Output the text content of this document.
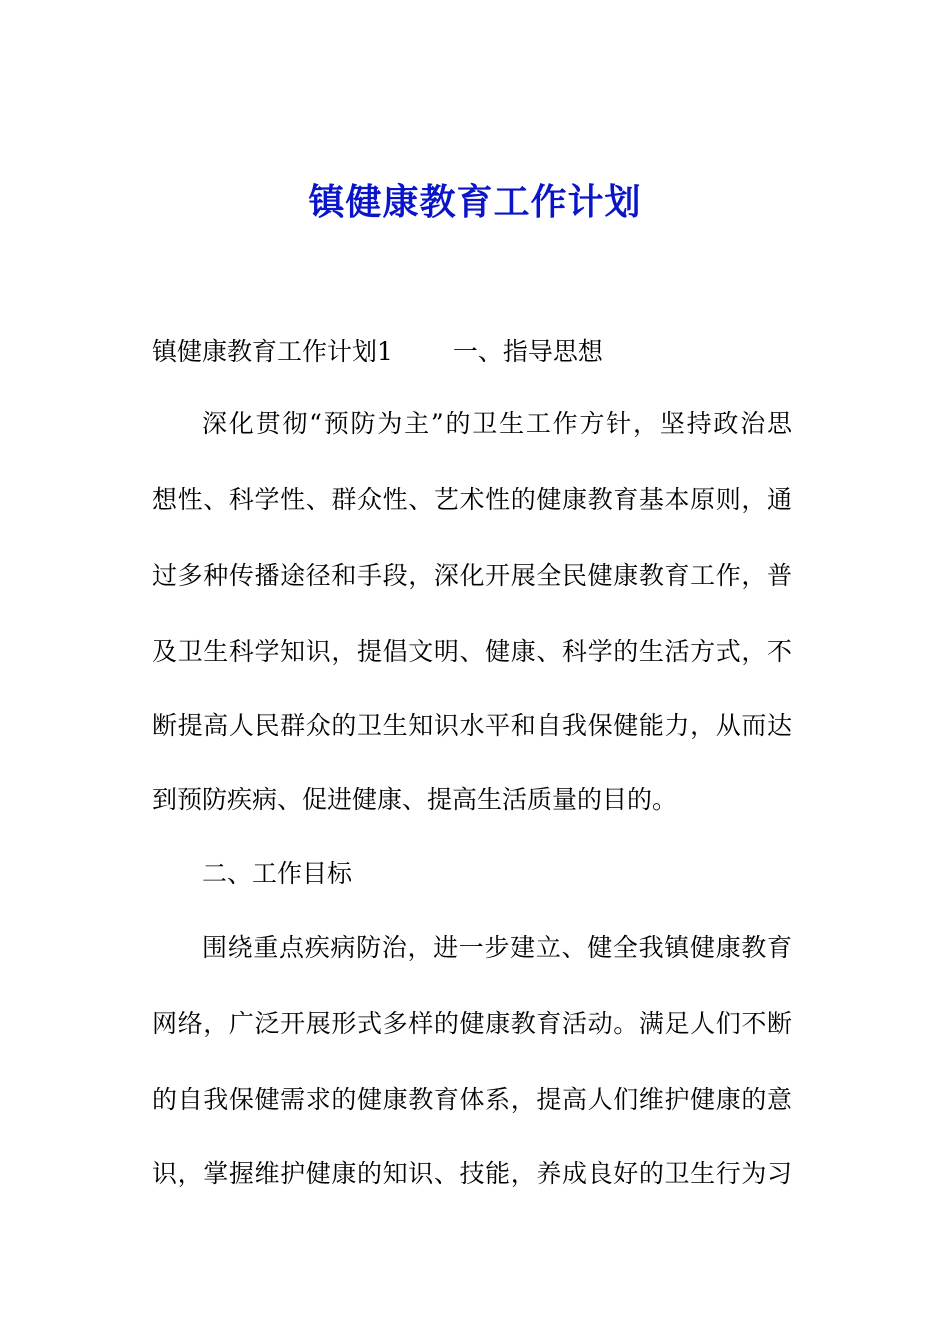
镇健康教育工作计划
镇健康教育工作计划1 一、指导思想
深化贯彻“预防为主”的卫生工作方针，坚持政治思
想性、科学性、群众性、艺术性的健康教育基本原则，通
过多种传播途径和手段，深化开展全民健康教育工作，普
及卫生科学知识，提倡文明、健康、科学的生活方式，不
断提高人民群众的卫生知识水平和自我保健能力，从而达
到预防疾病、促进健康、提高生活质量的目的。
二、工作目标
围绕重点疾病防治，进一步建立、健全我镇健康教育
网络，广泛开展形式多样的健康教育活动。满足人们不断
的自我保健需求的健康教育体系，提高人们维护健康的意
识，掌握维护健康的知识、技能，养成良好的卫生行为习
